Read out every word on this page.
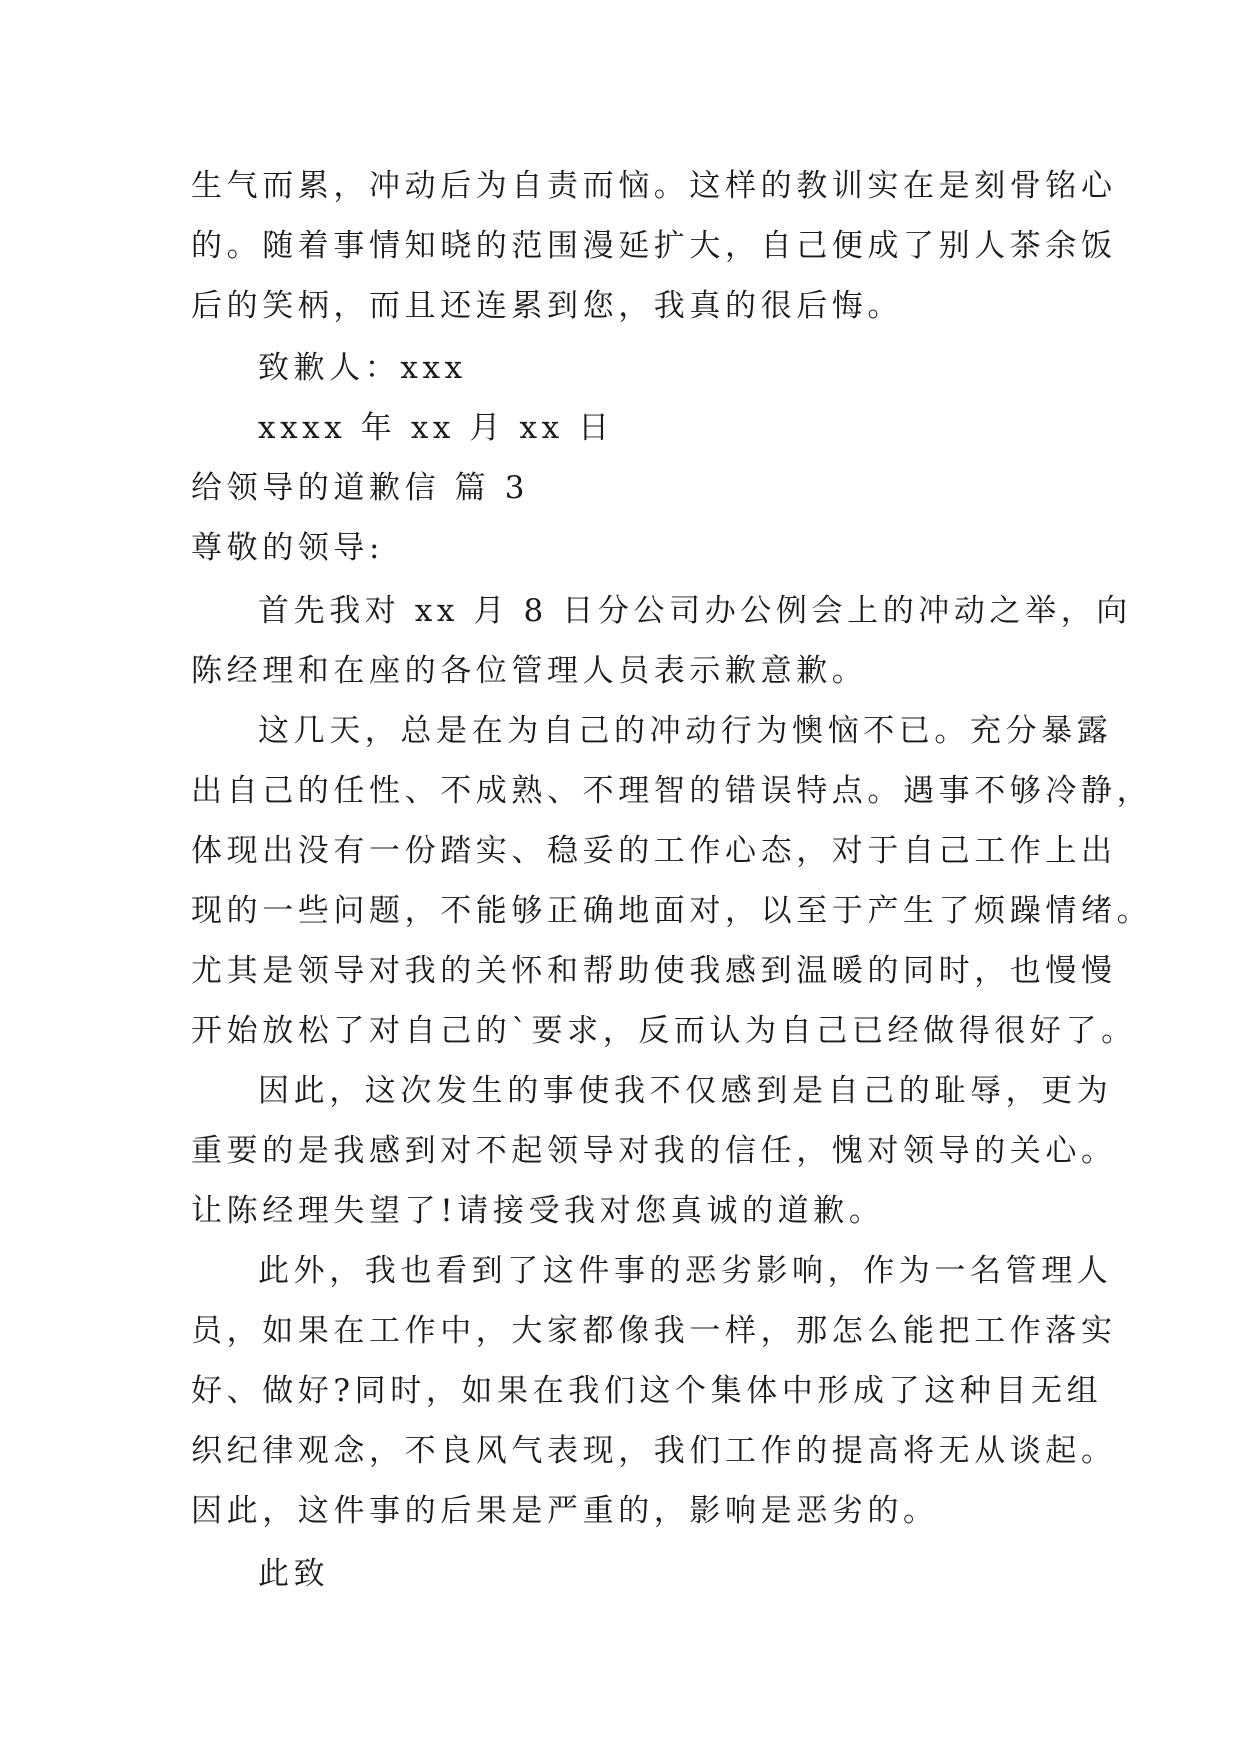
生气而累，冲动后为自责而恼。这样的教训实在是刻骨铭心
的。随着事情知晓的范围漫延扩大，自己便成了别人茶余饭
后的笑柄，而且还连累到您，我真的很后悔。
致歉人：xxx
xxxx 年 xx 月 xx 日
给领导的道歉信 篇 3
尊敬的领导:
首先我对 xx 月 8 日分公司办公例会上的冲动之举，向
陈经理和在座的各位管理人员表示歉意歉。
这几天，总是在为自己的冲动行为懊恼不已。充分暴露
出自己的任性、不成熟、不理智的错误特点。遇事不够冷静，
体现出没有一份踏实、稳妥的工作心态，对于自己工作上出
现的一些问题，不能够正确地面对，以至于产生了烦躁情绪。
尤其是领导对我的关怀和帮助使我感到温暖的同时，也慢慢
开始放松了对自己的`要求，反而认为自己已经做得很好了。
因此，这次发生的事使我不仅感到是自己的耻辱，更为
重要的是我感到对不起领导对我的信任，愧对领导的关心。
让陈经理失望了!请接受我对您真诚的道歉。
此外，我也看到了这件事的恶劣影响，作为一名管理人
员，如果在工作中，大家都像我一样，那怎么能把工作落实
好、做好?同时，如果在我们这个集体中形成了这种目无组
织纪律观念，不良风气表现，我们工作的提高将无从谈起。
因此，这件事的后果是严重的，影响是恶劣的。
此致
